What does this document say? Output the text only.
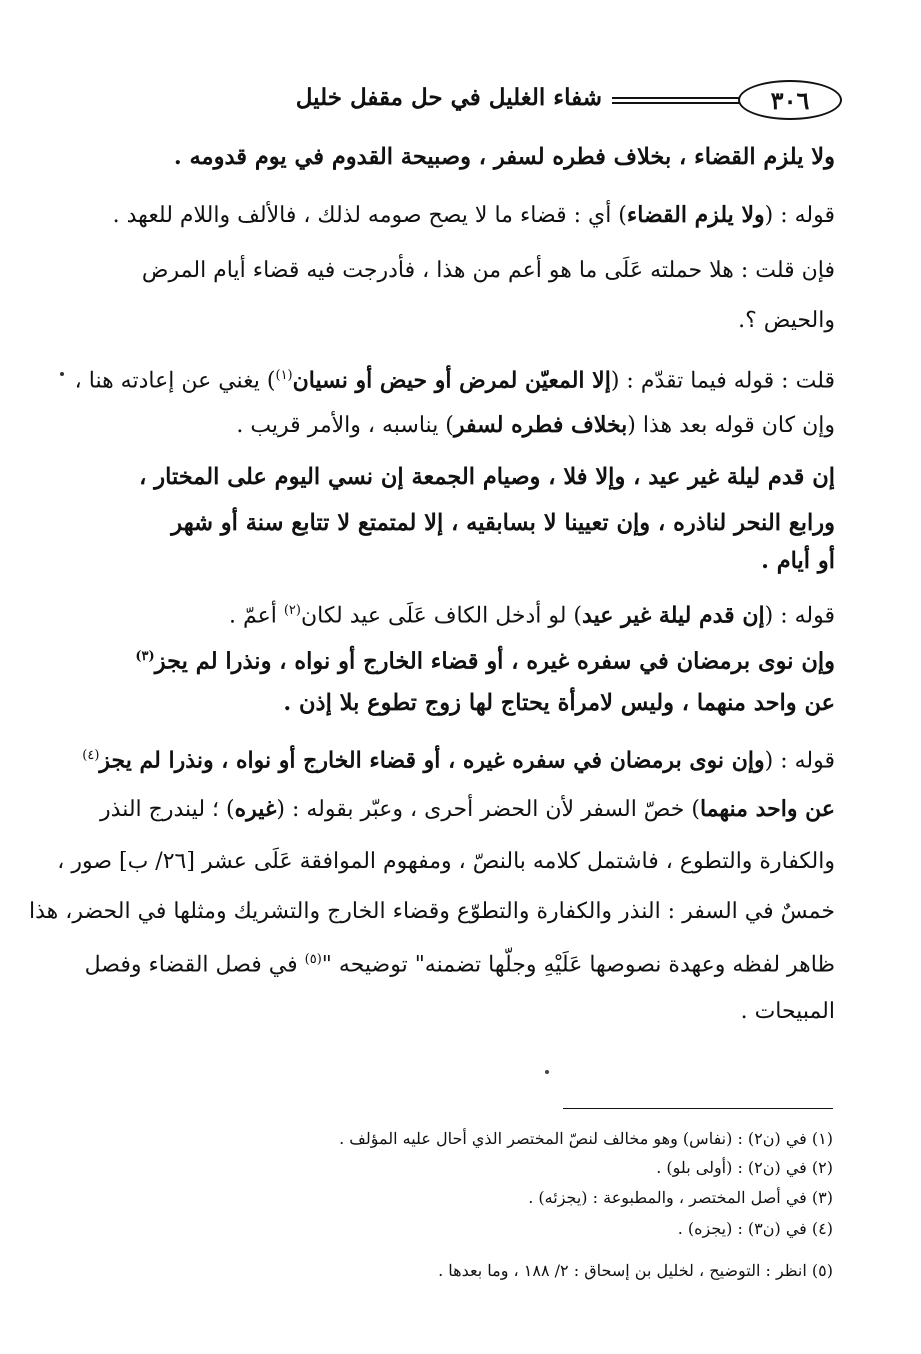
٣٠٦
شفاء الغليل في حل مقفل خليل
ولا يلزم القضاء ، بخلاف فطره لسفر ، وصبيحة القدوم في يوم قدومه .
قوله : (ولا يلزم القضاء) أي : قضاء ما لا يصح صومه لذلك ، فالألف واللام للعهد .
فإن قلت : هلا حملته عَلَى ما هو أعم من هذا ، فأدرجت فيه قضاء أيام المرض
والحيض ؟.
قلت : قوله فيما تقدّم : (إلا المعيّن لمرض أو حيض أو نسيان$^{(١)}$) يغني عن إعادته هنا ،
وإن كان قوله بعد هذا (بخلاف فطره لسفر) يناسبه ، والأمر قريب .
إن قدم ليلة غير عيد ، وإلا فلا ، وصيام الجمعة إن نسي اليوم على المختار ،
ورابع النحر لناذره ، وإن تعيينا لا بسابقيه ، إلا لمتمتع لا تتابع سنة أو شهر
أو أيام .
قوله : (إن قدم ليلة غير عيد) لو أدخل الكاف عَلَى عيد لكان$^{(٢)}$ أعمّ .
وإن نوى برمضان في سفره غيره ، أو قضاء الخارج أو نواه ، ونذرا لم يجز$^{(٣)}$
عن واحد منهما ، وليس لامرأة يحتاج لها زوج تطوع بلا إذن .
قوله : (وإن نوى برمضان في سفره غيره ، أو قضاء الخارج أو نواه ، ونذرا لم يجز$^{(٤)}$
عن واحد منهما) خصّ السفر لأن الحضر أحرى ، وعبّر بقوله : (غيره) ؛ ليندرج النذر
والكفارة والتطوع ، فاشتمل كلامه بالنصّ ، ومفهوم الموافقة عَلَى عشر [٢٦/ ب] صور ،
خمسٌ في السفر : النذر والكفارة والتطوّع وقضاء الخارج والتشريك ومثلها في الحضر، هذا
ظاهر لفظه وعهدة نصوصها عَلَيْهِ وجلّها تضمنه" توضيحه "$^{(٥)}$ في فصل القضاء وفصل
المبيحات .
(١) في (ن٢) : (نفاس) وهو مخالف لنصّ المختصر الذي أحال عليه المؤلف .
(٢) في (ن٢) : (أولى بلو) .
(٣) في أصل المختصر ، والمطبوعة : (يجزئه) .
(٤) في (ن٣) : (يجزه) .
(٥) انظر : التوضيح ، لخليل بن إسحاق : ٢/ ١٨٨ ، وما بعدها .
